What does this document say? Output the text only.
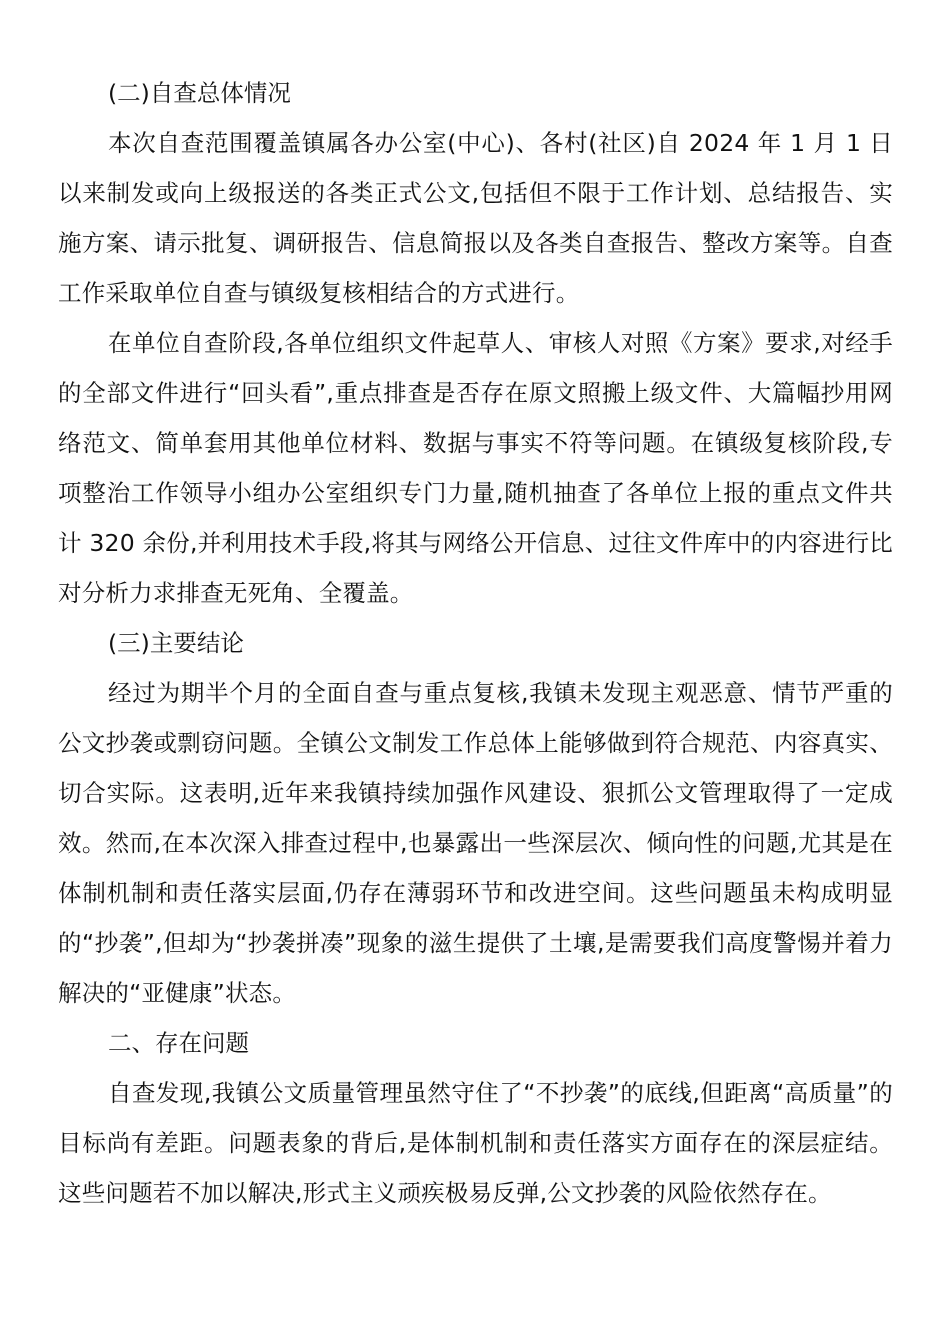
(二)自查总体情况

本次自查范围覆盖镇属各办公室(中心)、各村(社区)自 2024 年 1 月 1 日以来制发或向上级报送的各类正式公文,包括但不限于工作计划、总结报告、实施方案、请示批复、调研报告、信息简报以及各类自查报告、整改方案等。自查工作采取单位自查与镇级复核相结合的方式进行。

在单位自查阶段,各单位组织文件起草人、审核人对照《方案》要求,对经手的全部文件进行“回头看”,重点排查是否存在原文照搬上级文件、大篇幅抄用网络范文、简单套用其他单位材料、数据与事实不符等问题。在镇级复核阶段,专项整治工作领导小组办公室组织专门力量,随机抽查了各单位上报的重点文件共计 320 余份,并利用技术手段,将其与网络公开信息、过往文件库中的内容进行比对分析力求排查无死角、全覆盖。

(三)主要结论

经过为期半个月的全面自查与重点复核,我镇未发现主观恶意、情节严重的公文抄袭或剽窃问题。全镇公文制发工作总体上能够做到符合规范、内容真实、切合实际。这表明,近年来我镇持续加强作风建设、狠抓公文管理取得了一定成效。然而,在本次深入排查过程中,也暴露出一些深层次、倾向性的问题,尤其是在体制机制和责任落实层面,仍存在薄弱环节和改进空间。这些问题虽未构成明显的“抄袭”,但却为“抄袭拼凑”现象的滋生提供了土壤,是需要我们高度警惕并着力解决的“亚健康”状态。

二、存在问题

自查发现,我镇公文质量管理虽然守住了“不抄袭”的底线,但距离“高质量”的目标尚有差距。问题表象的背后,是体制机制和责任落实方面存在的深层症结。这些问题若不加以解决,形式主义顽疾极易反弹,公文抄袭的风险依然存在。
